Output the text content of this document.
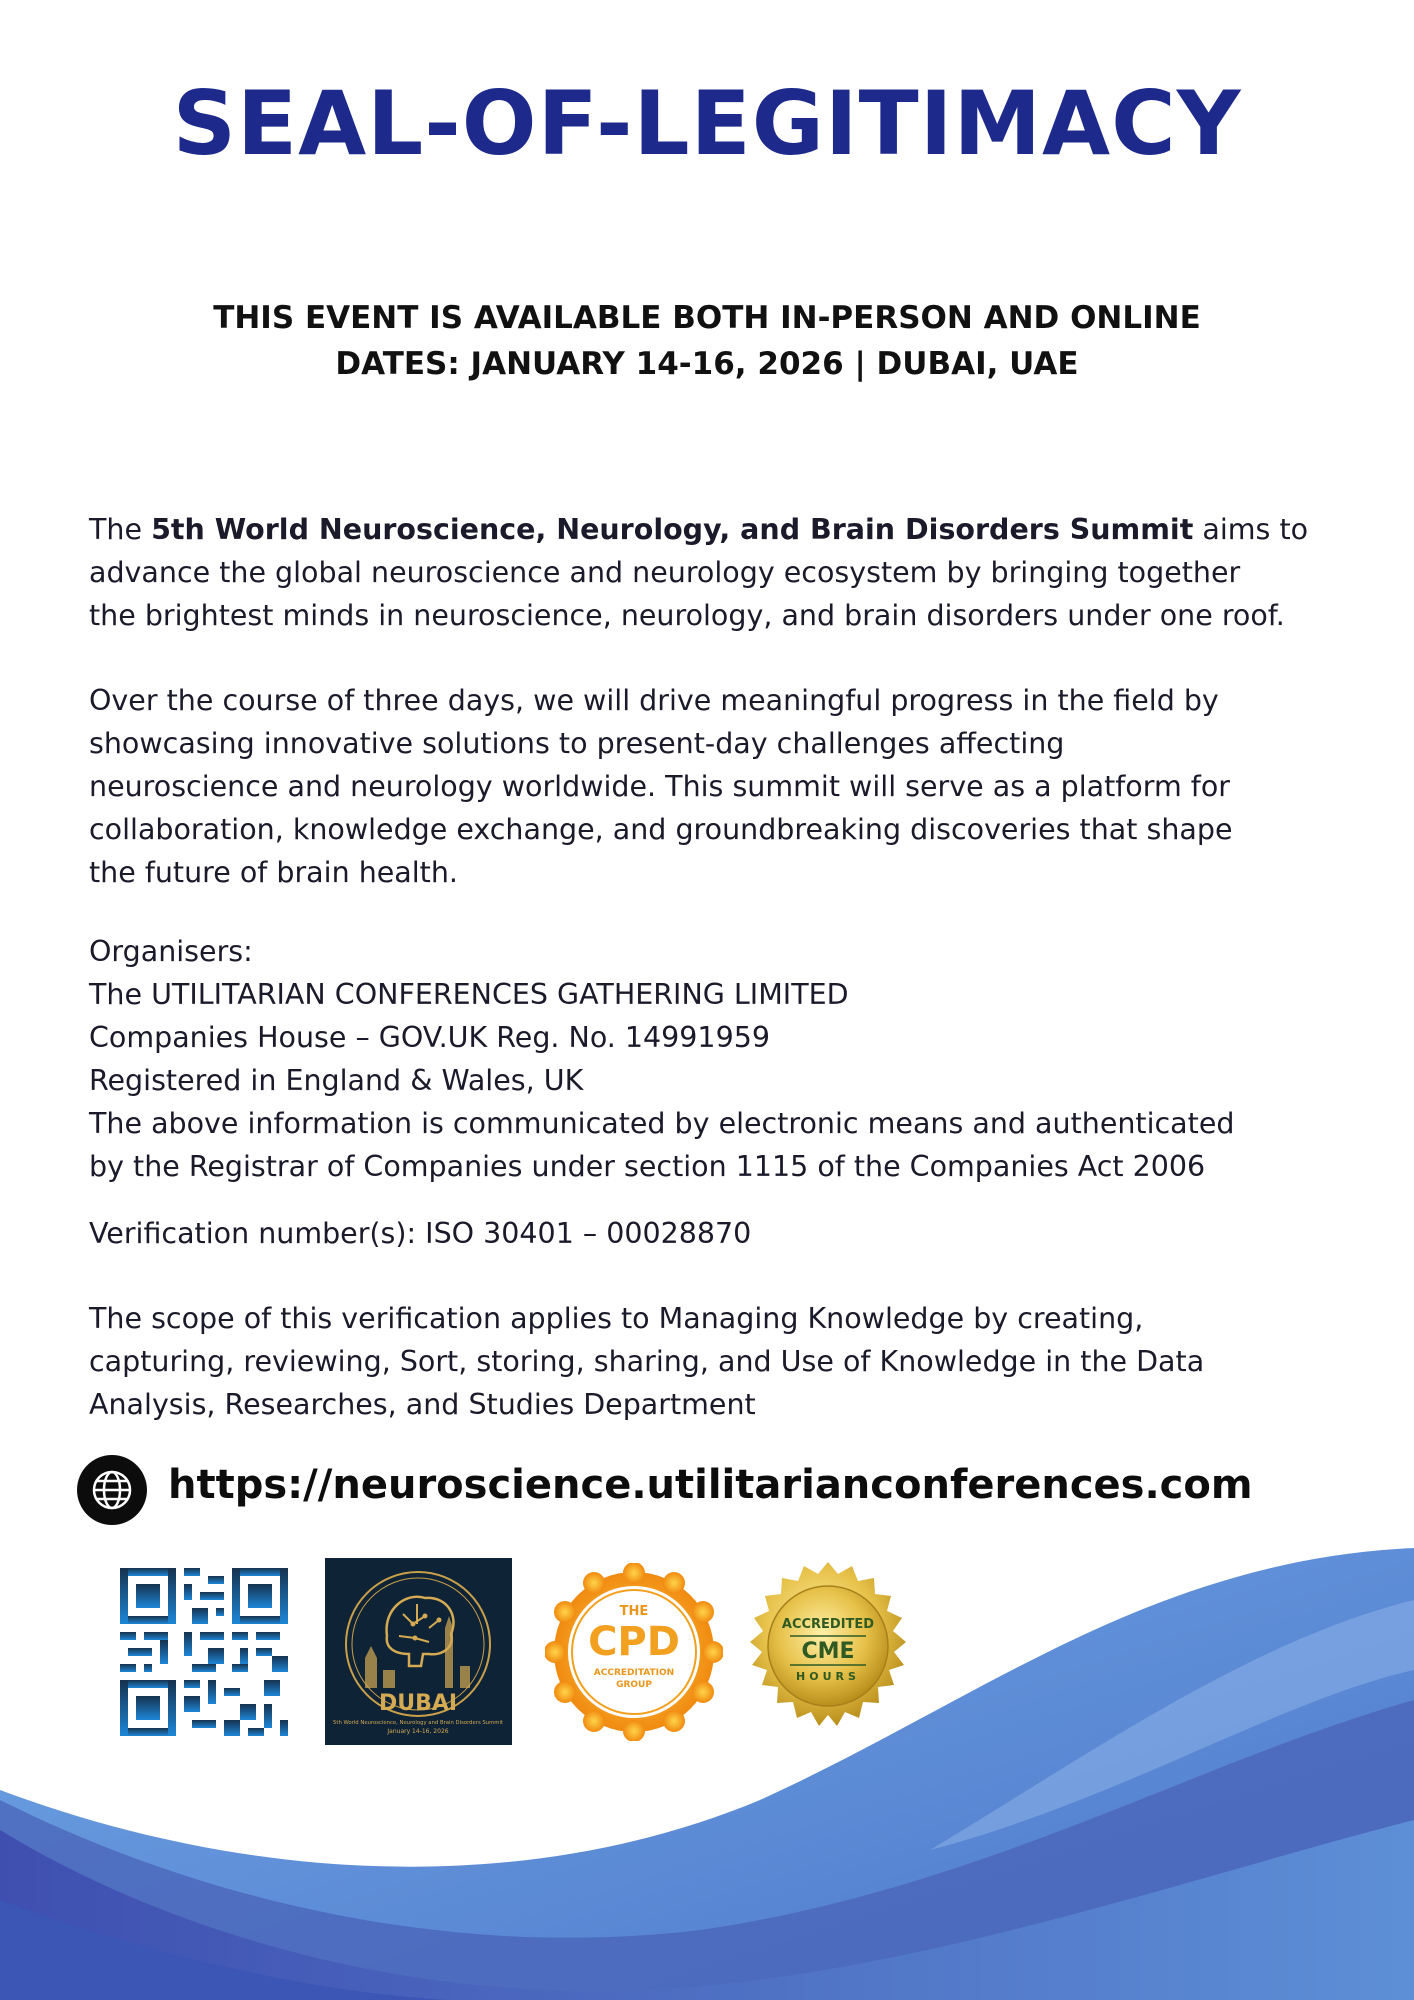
SEAL-OF-LEGITIMACY
THIS EVENT IS AVAILABLE BOTH IN-PERSON AND ONLINE
DATES: JANUARY 14-16, 2026 | DUBAI, UAE
The 5th World Neuroscience, Neurology, and Brain Disorders Summit aims to
advance the global neuroscience and neurology ecosystem by bringing together
the brightest minds in neuroscience, neurology, and brain disorders under one roof.
Over the course of three days, we will drive meaningful progress in the field by
showcasing innovative solutions to present-day challenges affecting
neuroscience and neurology worldwide. This summit will serve as a platform for
collaboration, knowledge exchange, and groundbreaking discoveries that shape
the future of brain health.
Organisers:
The UTILITARIAN CONFERENCES GATHERING LIMITED
Companies House – GOV.UK Reg. No. 14991959
Registered in England & Wales, UK
The above information is communicated by electronic means and authenticated
by the Registrar of Companies under section 1115 of the Companies Act 2006
Verification number(s): ISO 30401 – 00028870
The scope of this verification applies to Managing Knowledge by creating,
capturing, reviewing, Sort, storing, sharing, and Use of Knowledge in the Data
Analysis, Researches, and Studies Department
https://neuroscience.utilitarianconferences.com
DUBAI
5th World Neuroscience, Neurology and Brain Disorders Summit
January 14-16, 2026
THE
CPD
ACCREDITATION
GROUP
ACCREDITED
CME
HOURS
